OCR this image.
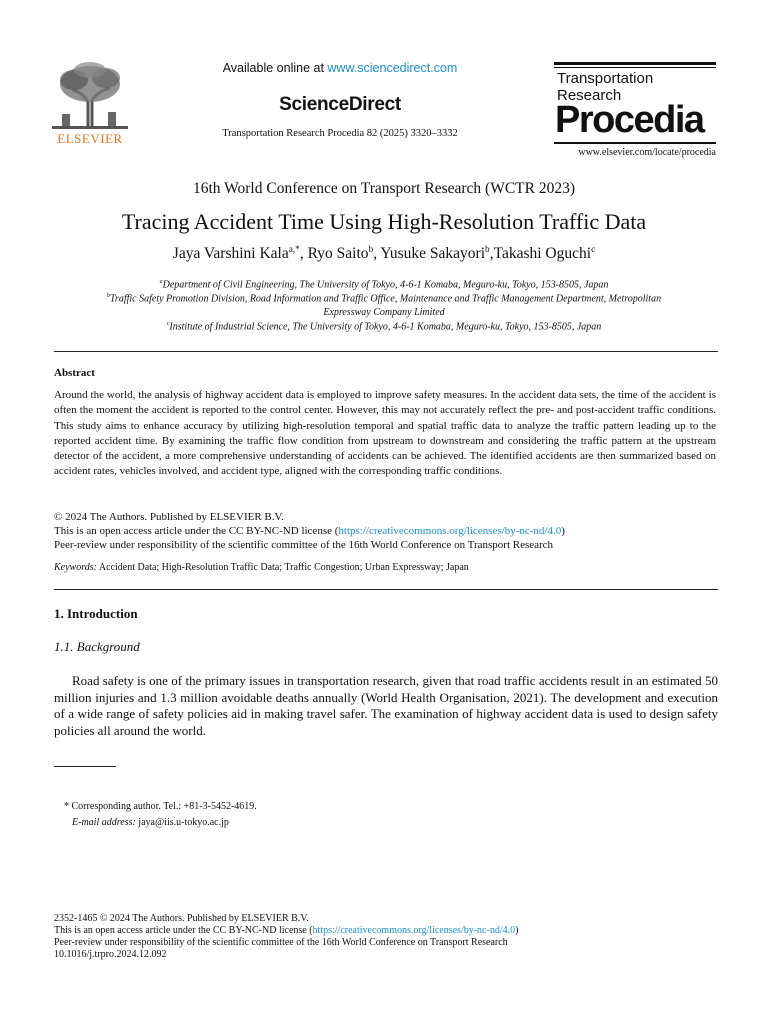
ELSEVIER
Available online at www.sciencedirect.com
ScienceDirect
Transportation Research Procedia 82 (2025) 3320–3332
Transportation
Research
Procedia
www.elsevier.com/locate/procedia
16th World Conference on Transport Research (WCTR 2023)
Tracing Accident Time Using High-Resolution Traffic Data
Jaya Varshini Kala$^{a,*}$, Ryo Saito$^b$, Yusuke Sakayori$^b$,Takashi Oguchi$^c$
$^a$Department of Civil Engineering, The University of Tokyo, 4-6-1 Komaba, Meguro-ku, Tokyo, 153-8505, Japan
$^b$Traffic Safety Promotion Division, Road Information and Traffic Office, Maintenance and Traffic Management Department, Metropolitan
Expressway Company Limited
$^c$Institute of Industrial Science, The University of Tokyo, 4-6-1 Komaba, Meguro-ku, Tokyo, 153-8505, Japan
Abstract
Around the world, the analysis of highway accident data is employed to improve safety measures. In the accident data sets, the time of the accident is often the moment the accident is reported to the control center. However, this may not accurately reflect the pre- and post-accident traffic conditions. This study aims to enhance accuracy by utilizing high-resolution temporal and spatial traffic data to analyze the traffic pattern leading up to the reported accident time. By examining the traffic flow condition from upstream to downstream and considering the traffic pattern at the upstream detector of the accident, a more comprehensive understanding of accidents can be achieved. The identified accidents are then summarized based on accident rates, vehicles involved, and accident type, aligned with the corresponding traffic conditions.
© 2024 The Authors. Published by ELSEVIER B.V.
This is an open access article under the CC BY-NC-ND license (https://creativecommons.org/licenses/by-nc-nd/4.0)
Peer-review under responsibility of the scientific committee of the 16th World Conference on Transport Research
Keywords: Accident Data; High-Resolution Traffic Data; Traffic Congestion; Urban Expressway; Japan
1. Introduction
1.1. Background
Road safety is one of the primary issues in transportation research, given that road traffic accidents result in an estimated 50 million injuries and 1.3 million avoidable deaths annually (World Health Organisation, 2021). The development and execution of a wide range of safety policies aid in making travel safer. The examination of highway accident data is used to design safety policies all around the world.
* Corresponding author. Tel.: +81-3-5452-4619.
E-mail address: jaya@iis.u-tokyo.ac.jp
2352-1465 © 2024 The Authors. Published by ELSEVIER B.V.
This is an open access article under the CC BY-NC-ND license (https://creativecommons.org/licenses/by-nc-nd/4.0)
Peer-review under responsibility of the scientific committee of the 16th World Conference on Transport Research
10.1016/j.trpro.2024.12.092
